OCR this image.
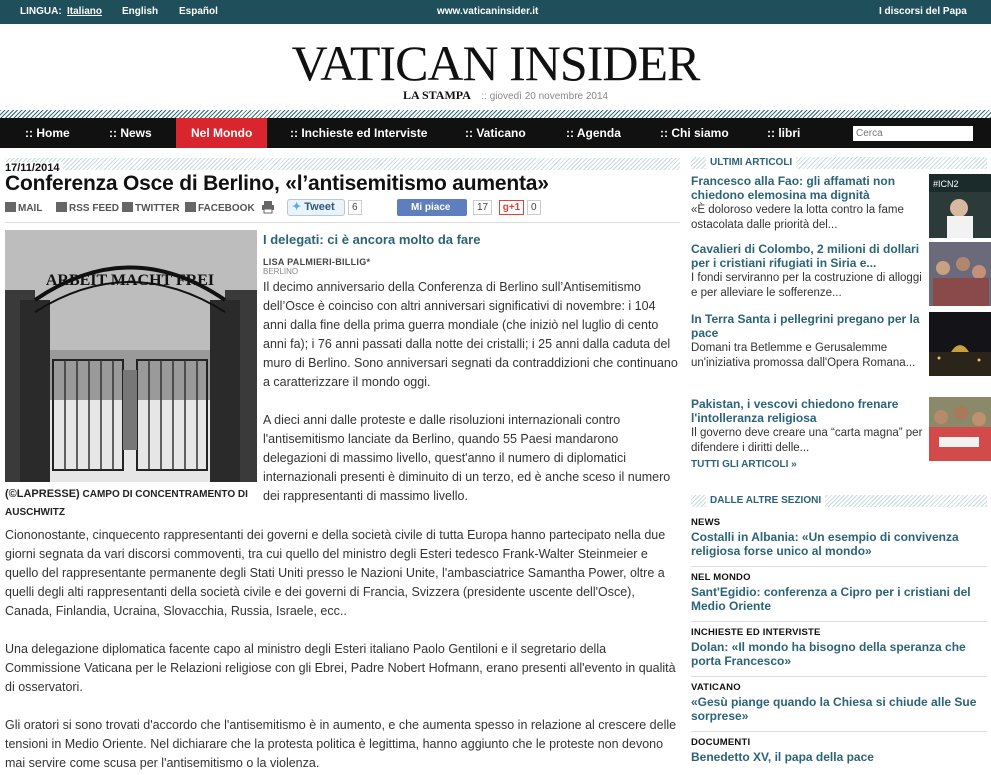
LINGUA: Italiano English Español	www.vaticaninsider.it	I discorsi del Papa
VATICAN INSIDER
LA STAMPA :: giovedì 20 novembre 2014
:: Home	:: News	Nel Mondo	:: Inchieste ed Interviste	:: Vaticano	:: Agenda	:: Chi siamo	:: libri
Cerca
17/11/2014
Conferenza Osce di Berlino, «l’antisemitismo aumenta»
MAIL	RSS FEED	TWITTER	FACEBOOK	✦ Tweet	6	Mi piace	17	g+1	0
ARBEIT MACHT FREI
(©LAPRESSE) CAMPO DI CONCENTRAMENTO DI AUSCHWITZ
I delegati: ci è ancora molto da fare
LISA PALMIERI-BILLIG*
BERLINO

Il decimo anniversario della Conferenza di Berlino sull’Antisemitismo dell’Osce è coinciso con altri anniversari significativi di novembre: i 104 anni dalla fine della prima guerra mondiale (che iniziò nel luglio di cento anni fa); i 76 anni passati dalla notte dei cristalli; i 25 anni dalla caduta del muro di Berlino. Sono anniversari segnati da contraddizioni che continuano a caratterizzare il mondo oggi.

A dieci anni dalle proteste e dalle risoluzioni internazionali contro l'antisemitismo lanciate da Berlino, quando 55 Paesi mandarono delegazioni di massimo livello, quest'anno il numero di diplomatici internazionali presenti è diminuito di un terzo, ed è anche sceso il numero dei rappresentanti di massimo livello.

Ciononostante, cinquecento rappresentanti dei governi e della società civile di tutta Europa hanno partecipato nella due giorni segnata da vari discorsi commoventi, tra cui quello del ministro degli Esteri tedesco Frank-Walter Steinmeier e quello del rappresentante permanente degli Stati Uniti presso le Nazioni Unite, l'ambasciatrice Samantha Power, oltre a quelli degli alti rappresentanti della società civile e dei governi di Francia, Svizzera (presidente uscente dell'Osce), Canada, Finlandia, Ucraina, Slovacchia, Russia, Israele, ecc..

Una delegazione diplomatica facente capo al ministro degli Esteri italiano Paolo Gentiloni e il segretario della Commissione Vaticana per le Relazioni religiose con gli Ebrei, Padre Nobert Hofmann, erano presenti all'evento in qualità di osservatori.

Gli oratori si sono trovati d'accordo che l'antisemitismo è in aumento, e che aumenta spesso in relazione al crescere delle tensioni in Medio Oriente. Nel dichiarare che la protesta politica è legittima, hanno aggiunto che le proteste non devono mai servire come scusa per l'antisemitismo o la violenza.

ULTIMI ARTICOLI
Francesco alla Fao: gli affamati non chiedono elemosina ma dignità
«È doloroso vedere la lotta contro la fame ostacolata dalle priorità del...
#ICN2
Cavalieri di Colombo, 2 milioni di dollari per i cristiani rifugiati in Siria e...
I fondi serviranno per la costruzione di alloggi e per alleviare le sofferenze...
In Terra Santa i pellegrini pregano per la pace
Domani tra Betlemme e Gerusalemme un'iniziativa promossa dall'Opera Romana...
Pakistan, i vescovi chiedono frenare l'intolleranza religiosa
Il governo deve creare una “carta magna” per difendere i diritti delle...
TUTTI GLI ARTICOLI »
DALLE ALTRE SEZIONI
NEWS
Costalli in Albania: «Un esempio di convivenza religiosa forse unico al mondo»
NEL MONDO
Sant'Egidio: conferenza a Cipro per i cristiani del Medio Oriente
INCHIESTE ED INTERVISTE
Dolan: «Il mondo ha bisogno della speranza che porta Francesco»
VATICANO
«Gesù piange quando la Chiesa si chiude alle Sue sorprese»
DOCUMENTI
Benedetto XV, il papa della pace
